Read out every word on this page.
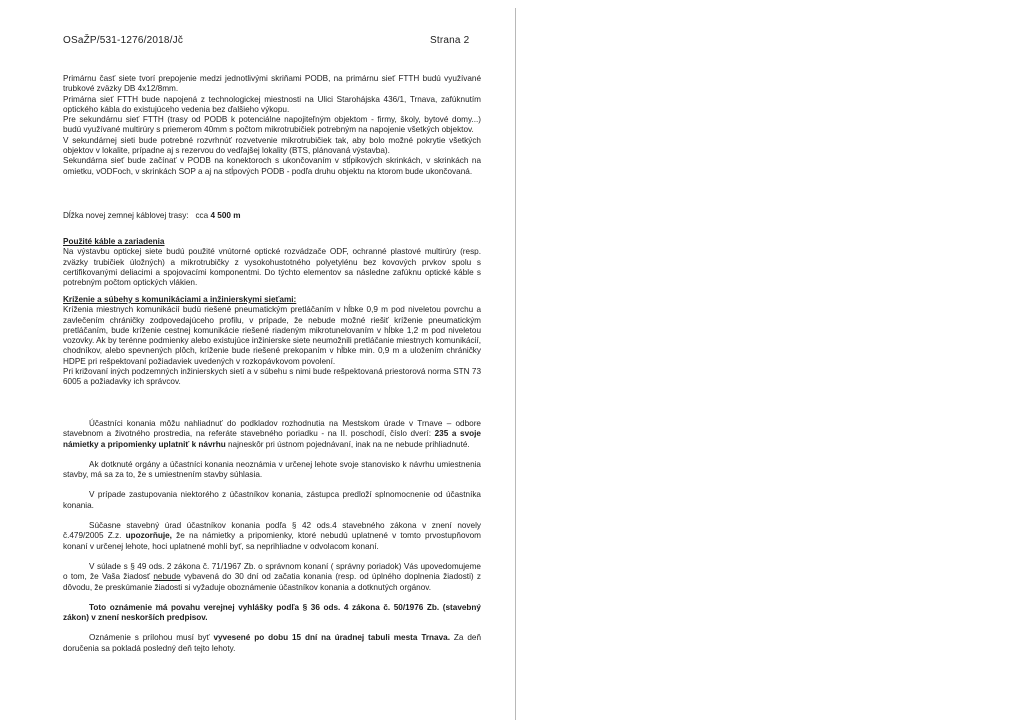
OSaŽP/531-1276/2018/Jč	Strana 2

Primárnu časť siete tvorí prepojenie medzi jednotlivými skriňami PODB, na primárnu sieť FTTH budú využívané trubkové zväzky DB 4x12/8mm.

Primárna sieť FTTH bude napojená z technologickej miestnosti na Ulici Starohájska 436/1, Trnava, zafúknutím optického kábla do existujúceho vedenia bez ďalšieho výkopu.

Pre sekundárnu sieť FTTH (trasy od PODB k potenciálne napojiteľným objektom - firmy, školy, bytové domy...) budú využívané multirúry s priemerom 40mm s počtom mikrotrubičiek potrebným na napojenie všetkých objektov.

V sekundárnej sieti bude potrebné rozvrhnúť rozvetvenie mikrotrubičiek tak, aby bolo možné pokrytie všetkých objektov v lokalite, prípadne aj s rezervou do vedľajšej lokality (BTS, plánovaná výstavba).

Sekundárna sieť bude začínať v PODB na konektoroch s ukončovaním v stĺpikových skrinkách, v skrinkách na omietku, vODFoch, v skrinkách SOP a aj na stĺpových PODB - podľa druhu objektu na ktorom bude ukončovaná.

Dĺžka novej zemnej káblovej trasy: cca 4 500 m

Použité káble a zariadenia

Na výstavbu optickej siete budú použité vnútorné optické rozvádzače ODF, ochranné plastové multirúry (resp. zväzky trubičiek úložných) a mikrotrubičky z vysokohustotného polyetylénu bez kovových prvkov spolu s certifikovanými deliacimi a spojovacími komponentmi. Do týchto elementov sa následne zafúknu optické káble s potrebným počtom optických vlákien.

Kríženie a súbehy s komunikáciami a inžinierskymi sieťami:

Kríženia miestnych komunikácií budú riešené pneumatickým pretláčaním v hĺbke 0,9 m pod niveletou povrchu a zavlečením chráničky zodpovedajúceho profilu, v prípade, že nebude možné riešiť kríženie pneumatickým pretláčaním, bude kríženie cestnej komunikácie riešené riadeným mikrotunelovaním v hĺbke 1,2 m pod niveletou vozovky. Ak by terénne podmienky alebo existujúce inžinierske siete neumožnili pretláčanie miestnych komunikácií, chodníkov, alebo spevnených plôch, kríženie bude riešené prekopaním v hĺbke min. 0,9 m a uložením chráničky HDPE pri rešpektovaní požiadaviek uvedených v rozkopávkovom povolení.

Pri križovaní iných podzemných inžinierskych sietí a v súbehu s nimi bude rešpektovaná priestorová norma STN 73 6005 a požiadavky ich správcov.

Účastníci konania môžu nahliadnuť do podkladov rozhodnutia na Mestskom úrade v Trnave – odbore stavebnom a životného prostredia, na referáte stavebného poriadku - na II. poschodí, číslo dverí: 235 a svoje námietky a pripomienky uplatniť k návrhu najneskôr pri ústnom pojednávaní, inak na ne nebude prihliadnuté.

Ak dotknuté orgány a účastníci konania neoznámia v určenej lehote svoje stanovisko k návrhu umiestnenia stavby, má sa za to, že s umiestnením stavby súhlasia.

V prípade zastupovania niektorého z účastníkov konania, zástupca predloží splnomocnenie od účastníka konania.

Súčasne stavebný úrad účastníkov konania podľa § 42 ods.4 stavebného zákona v znení novely č.479/2005 Z.z. upozorňuje, že na námietky a pripomienky, ktoré nebudú uplatnené v tomto prvostupňovom konaní v určenej lehote, hoci uplatnené mohli byť, sa neprihliadne v odvolacom konaní.

V súlade s § 49 ods. 2 zákona č. 71/1967 Zb. o správnom konaní ( správny poriadok) Vás upovedomujeme o tom, že Vaša žiadosť nebude vybavená do 30 dní od začatia konania (resp. od úplného doplnenia žiadosti) z dôvodu, že preskúmanie žiadosti si vyžaduje oboznámenie účastníkov konania a dotknutých orgánov.

Toto oznámenie má povahu verejnej vyhlášky podľa § 36 ods. 4 zákona č. 50/1976 Zb. (stavebný zákon) v znení neskorších predpisov.

Oznámenie s prílohou musí byť vyvesené po dobu 15 dní na úradnej tabuli mesta Trnava. Za deň doručenia sa pokladá posledný deň tejto lehoty.
